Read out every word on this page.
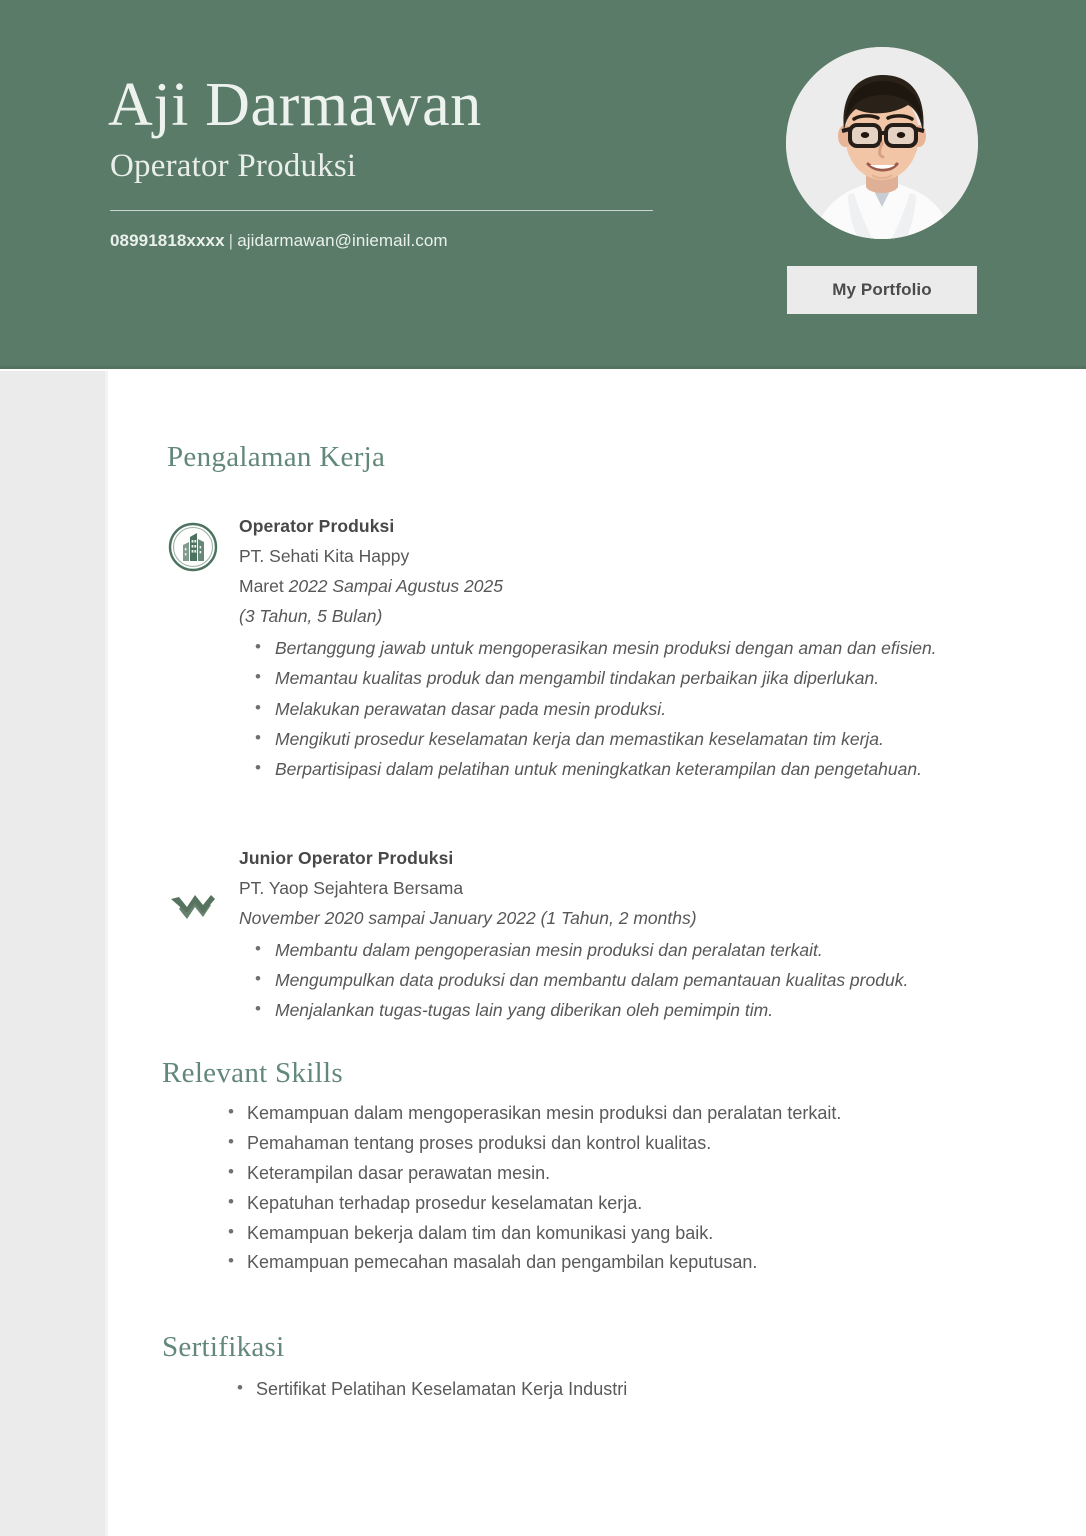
Aji Darmawan
Operator Produksi
08991818xxxx | ajidarmawan@iniemail.com
My Portfolio
Pengalaman Kerja
Operator Produksi
PT. Sehati Kita Happy
Maret 2022 Sampai Agustus 2025
(3 Tahun, 5 Bulan)
• Bertanggung jawab untuk mengoperasikan mesin produksi dengan aman dan efisien.
• Memantau kualitas produk dan mengambil tindakan perbaikan jika diperlukan.
• Melakukan perawatan dasar pada mesin produksi.
• Mengikuti prosedur keselamatan kerja dan memastikan keselamatan tim kerja.
• Berpartisipasi dalam pelatihan untuk meningkatkan keterampilan dan pengetahuan.
Junior Operator Produksi
PT. Yaop Sejahtera Bersama
November 2020 sampai January 2022 (1 Tahun, 2 months)
• Membantu dalam pengoperasian mesin produksi dan peralatan terkait.
• Mengumpulkan data produksi dan membantu dalam pemantauan kualitas produk.
• Menjalankan tugas-tugas lain yang diberikan oleh pemimpin tim.
Relevant Skills
• Kemampuan dalam mengoperasikan mesin produksi dan peralatan terkait.
• Pemahaman tentang proses produksi dan kontrol kualitas.
• Keterampilan dasar perawatan mesin.
• Kepatuhan terhadap prosedur keselamatan kerja.
• Kemampuan bekerja dalam tim dan komunikasi yang baik.
• Kemampuan pemecahan masalah dan pengambilan keputusan.
Sertifikasi
• Sertifikat Pelatihan Keselamatan Kerja Industri
